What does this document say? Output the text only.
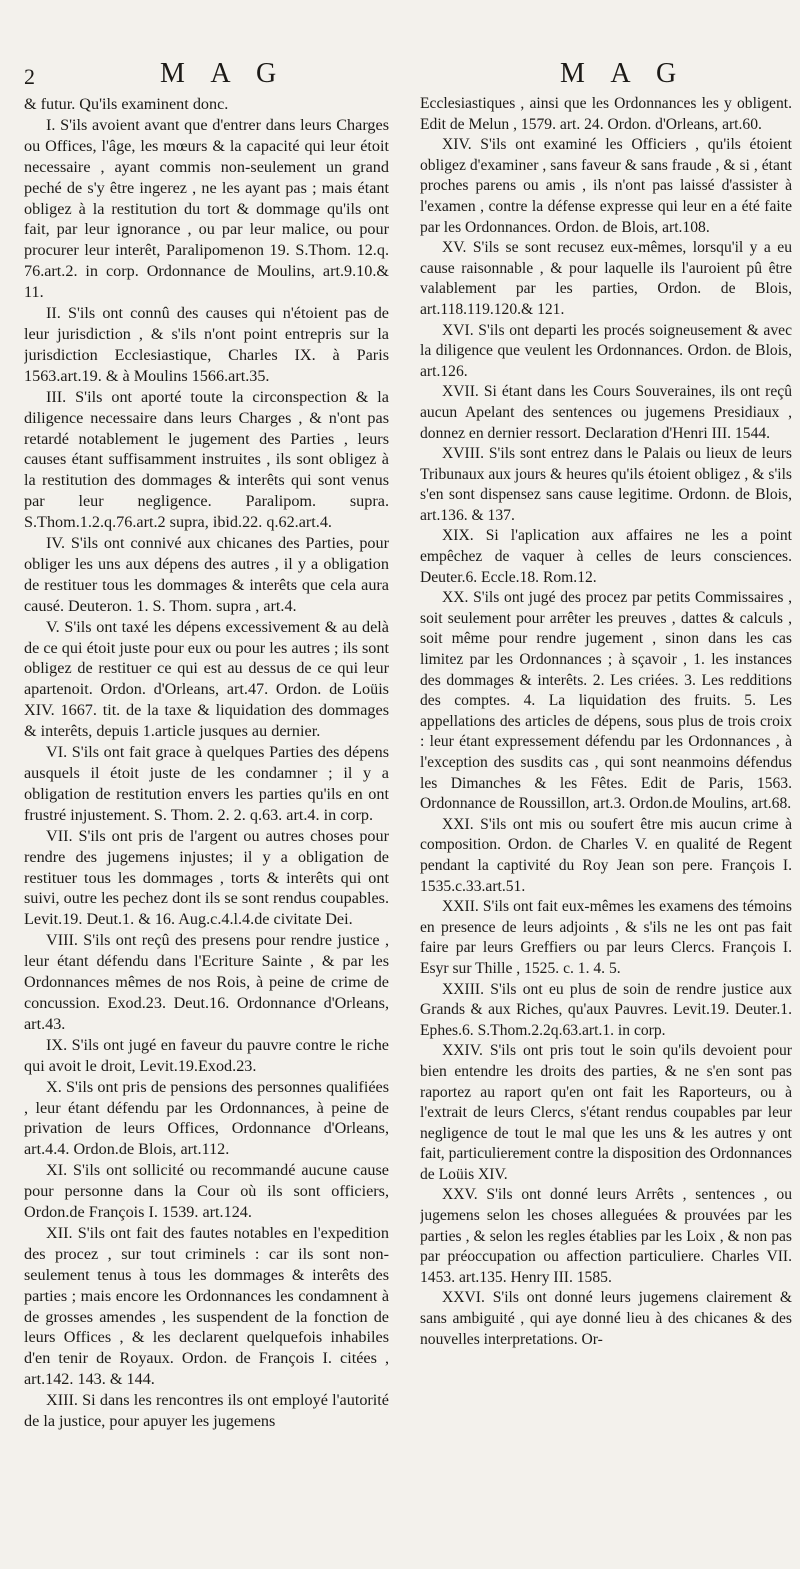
2	M A G	M A G

& futur. Qu'ils examinent donc.

I. S'ils avoient avant que d'entrer dans leurs Charges ou Offices, l'âge, les mœurs & la capacité qui leur étoit necessaire , ayant commis non-seulement un grand peché de s'y être ingerez , ne les ayant pas ; mais étant obligez à la restitution du tort & dommage qu'ils ont fait, par leur ignorance , ou par leur malice, ou pour procurer leur interêt, Paralipomenon 19. S.Thom. 12.q. 76.art.2. in corp. Ordonnance de Moulins, art.9.10.& 11.

II. S'ils ont connû des causes qui n'étoient pas de leur jurisdiction , & s'ils n'ont point entrepris sur la jurisdiction Ecclesiastique, Charles IX. à Paris 1563.art.19. & à Moulins 1566.art.35.

III. S'ils ont aporté toute la circonspection & la diligence necessaire dans leurs Charges , & n'ont pas retardé notablement le jugement des Parties , leurs causes étant suffisamment instruites , ils sont obligez à la restitution des dommages & interêts qui sont venus par leur negligence. Paralipom. supra. S.Thom.1.2.q.76.art.2 supra, ibid.22. q.62.art.4.

IV. S'ils ont connivé aux chicanes des Parties, pour obliger les uns aux dépens des autres , il y a obligation de restituer tous les dommages & interêts que cela aura causé. Deuteron. 1. S. Thom. supra , art.4.

V. S'ils ont taxé les dépens excessivement & au delà de ce qui étoit juste pour eux ou pour les autres ; ils sont obligez de restituer ce qui est au dessus de ce qui leur apartenoit. Ordon. d'Orleans, art.47. Ordon. de Loüis XIV. 1667. tit. de la taxe & liquidation des dommages & interêts, depuis 1.article jusques au dernier.

VI. S'ils ont fait grace à quelques Parties des dépens ausquels il étoit juste de les condamner ; il y a obligation de restitution envers les parties qu'ils en ont frustré injustement. S. Thom. 2. 2. q.63. art.4. in corp.

VII. S'ils ont pris de l'argent ou autres choses pour rendre des jugemens injustes; il y a obligation de restituer tous les dommages , torts & interêts qui ont suivi, outre les pechez dont ils se sont rendus coupables. Levit.19. Deut.1. & 16. Aug.c.4.l.4.de civitate Dei.

VIII. S'ils ont reçû des presens pour rendre justice , leur étant défendu dans l'Ecriture Sainte , & par les Ordonnances mêmes de nos Rois, à peine de crime de concussion. Exod.23. Deut.16. Ordonnance d'Orleans, art.43.

IX. S'ils ont jugé en faveur du pauvre contre le riche qui avoit le droit, Levit.19.Exod.23.

X. S'ils ont pris de pensions des personnes qualifiées , leur étant défendu par les Ordonnances, à peine de privation de leurs Offices, Ordonnance d'Orleans, art.4.4. Ordon.de Blois, art.112.

XI. S'ils ont sollicité ou recommandé aucune cause pour personne dans la Cour où ils sont officiers, Ordon.de François I. 1539. art.124.

XII. S'ils ont fait des fautes notables en l'expedition des procez , sur tout criminels : car ils sont non-seulement tenus à tous les dommages & interêts des parties ; mais encore les Ordonnances les condamnent à de grosses amendes , les suspendent de la fonction de leurs Offices , & les declarent quelquefois inhabiles d'en tenir de Royaux. Ordon. de François I. citées , art.142. 143. & 144.

XIII. Si dans les rencontres ils ont employé l'autorité de la justice, pour apuyer les jugemens

Ecclesiastiques , ainsi que les Ordonnances les y obligent. Edit de Melun , 1579. art. 24. Ordon. d'Orleans, art.60.

XIV. S'ils ont examiné les Officiers , qu'ils étoient obligez d'examiner , sans faveur & sans fraude , & si , étant proches parens ou amis , ils n'ont pas laissé d'assister à l'examen , contre la défense expresse qui leur en a été faite par les Ordonnances. Ordon. de Blois, art.108.

XV. S'ils se sont recusez eux-mêmes, lorsqu'il y a eu cause raisonnable , & pour laquelle ils l'auroient pû être valablement par les parties, Ordon. de Blois, art.118.119.120.& 121.

XVI. S'ils ont departi les procés soigneusement & avec la diligence que veulent les Ordonnances. Ordon. de Blois, art.126.

XVII. Si étant dans les Cours Souveraines, ils ont reçû aucun Apelant des sentences ou jugemens Presidiaux , donnez en dernier ressort. Declaration d'Henri III. 1544.

XVIII. S'ils sont entrez dans le Palais ou lieux de leurs Tribunaux aux jours & heures qu'ils étoient obligez , & s'ils s'en sont dispensez sans cause legitime. Ordonn. de Blois, art.136. & 137.

XIX. Si l'aplication aux affaires ne les a point empêchez de vaquer à celles de leurs consciences. Deuter.6. Eccle.18. Rom.12.

XX. S'ils ont jugé des procez par petits Commissaires , soit seulement pour arrêter les preuves , dattes & calculs , soit même pour rendre jugement , sinon dans les cas limitez par les Ordonnances ; à sçavoir , 1. les instances des dommages & interêts. 2. Les criées. 3. Les redditions des comptes. 4. La liquidation des fruits. 5. Les appellations des articles de dépens, sous plus de trois croix : leur étant expressement défendu par les Ordonnances , à l'exception des susdits cas , qui sont neanmoins défendus les Dimanches & les Fêtes. Edit de Paris, 1563. Ordonnance de Roussillon, art.3. Ordon.de Moulins, art.68.

XXI. S'ils ont mis ou soufert être mis aucun crime à composition. Ordon. de Charles V. en qualité de Regent pendant la captivité du Roy Jean son pere. François I. 1535.c.33.art.51.

XXII. S'ils ont fait eux-mêmes les examens des témoins en presence de leurs adjoints , & s'ils ne les ont pas fait faire par leurs Greffiers ou par leurs Clercs. François I. Esyr sur Thille , 1525. c. 1. 4. 5.

XXIII. S'ils ont eu plus de soin de rendre justice aux Grands & aux Riches, qu'aux Pauvres. Levit.19. Deuter.1. Ephes.6. S.Thom.2.2q.63.art.1. in corp.

XXIV. S'ils ont pris tout le soin qu'ils devoient pour bien entendre les droits des parties, & ne s'en sont pas raportez au raport qu'en ont fait les Raporteurs, ou à l'extrait de leurs Clercs, s'étant rendus coupables par leur negligence de tout le mal que les uns & les autres y ont fait, particulierement contre la disposition des Ordonnances de Loüis XIV.

XXV. S'ils ont donné leurs Arrêts , sentences , ou jugemens selon les choses alleguées & prouvées par les parties , & selon les regles établies par les Loix , & non pas par préoccupation ou affection particuliere. Charles VII. 1453. art.135. Henry III. 1585.

XXVI. S'ils ont donné leurs jugemens clairement & sans ambiguité , qui aye donné lieu à des chicanes & des nouvelles interpretations. Or-
